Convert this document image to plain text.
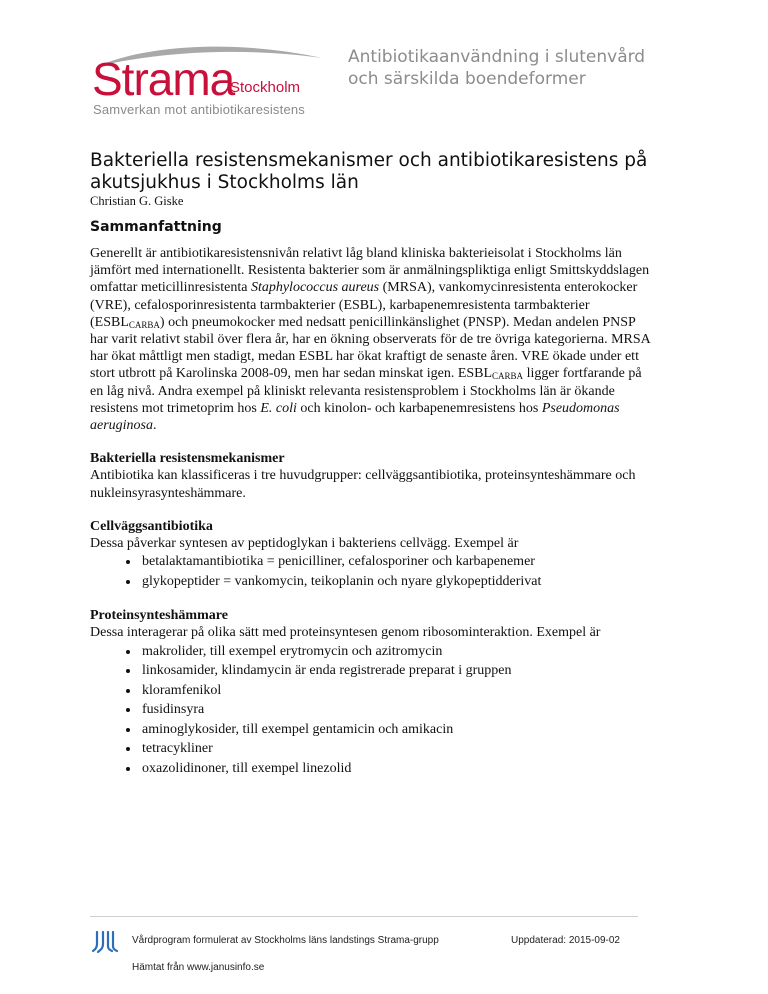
Strama
Stockholm
Samverkan mot antibiotikaresistens
Antibiotikaanvändning i slutenvård
och särskilda boendeformer
Bakteriella resistensmekanismer och antibiotikaresistens på
akutsjukhus i Stockholms län
Christian G. Giske
Sammanfattning

Generellt är antibiotikaresistensnivån relativt låg bland kliniska bakterieisolat i Stockholms län jämfört med internationellt. Resistenta bakterier som är anmälningspliktiga enligt Smittskyddslagen omfattar meticillinresistenta Staphylococcus aureus (MRSA), vankomycinresistenta enterokocker (VRE), cefalosporinresistenta tarmbakterier (ESBL), karbapenemresistenta tarmbakterier $(ESBL_{CARBA})$ och pneumokocker med nedsatt penicillinkänslighet (PNSP). Medan andelen PNSP har varit relativt stabil över flera år, har en ökning observerats för de tre övriga kategorierna. MRSA har ökat måttligt men stadigt, medan ESBL har ökat kraftigt de senaste åren. VRE ökade under ett stort utbrott på Karolinska 2008-09, men har sedan minskat igen. $ESBL_{CARBA}$ ligger fortfarande på en låg nivå. Andra exempel på kliniskt relevanta resistensproblem i Stockholms län är ökande resistens mot trimetoprim hos E. coli och kinolon- och karbapenemresistens hos Pseudomonas aeruginosa.

Bakteriella resistensmekanismer

Antibiotika kan klassificeras i tre huvudgrupper: cellväggsantibiotika, proteinsynteshämmare och nukleinsyrasynteshämmare.

Cellväggsantibiotika

Dessa påverkar syntesen av peptidoglykan i bakteriens cellvägg. Exempel är

• betalaktamantibiotika = penicilliner, cefalosporiner och karbapenemer
• glykopeptider = vankomycin, teikoplanin och nyare glykopeptidderivat

Proteinsynteshämmare

Dessa interagerar på olika sätt med proteinsyntesen genom ribosominteraktion. Exempel är

• makrolider, till exempel erytromycin och azitromycin
• linkosamider, klindamycin är enda registrerade preparat i gruppen
• kloramfenikol
• fusidinsyra
• aminoglykosider, till exempel gentamicin och amikacin
• tetracykliner
• oxazolidinoner, till exempel linezolid
Vårdprogram formulerat av Stockholms läns landstings Strama-grupp	Uppdaterad: 2015-09-02
Hämtat från www.janusinfo.se
